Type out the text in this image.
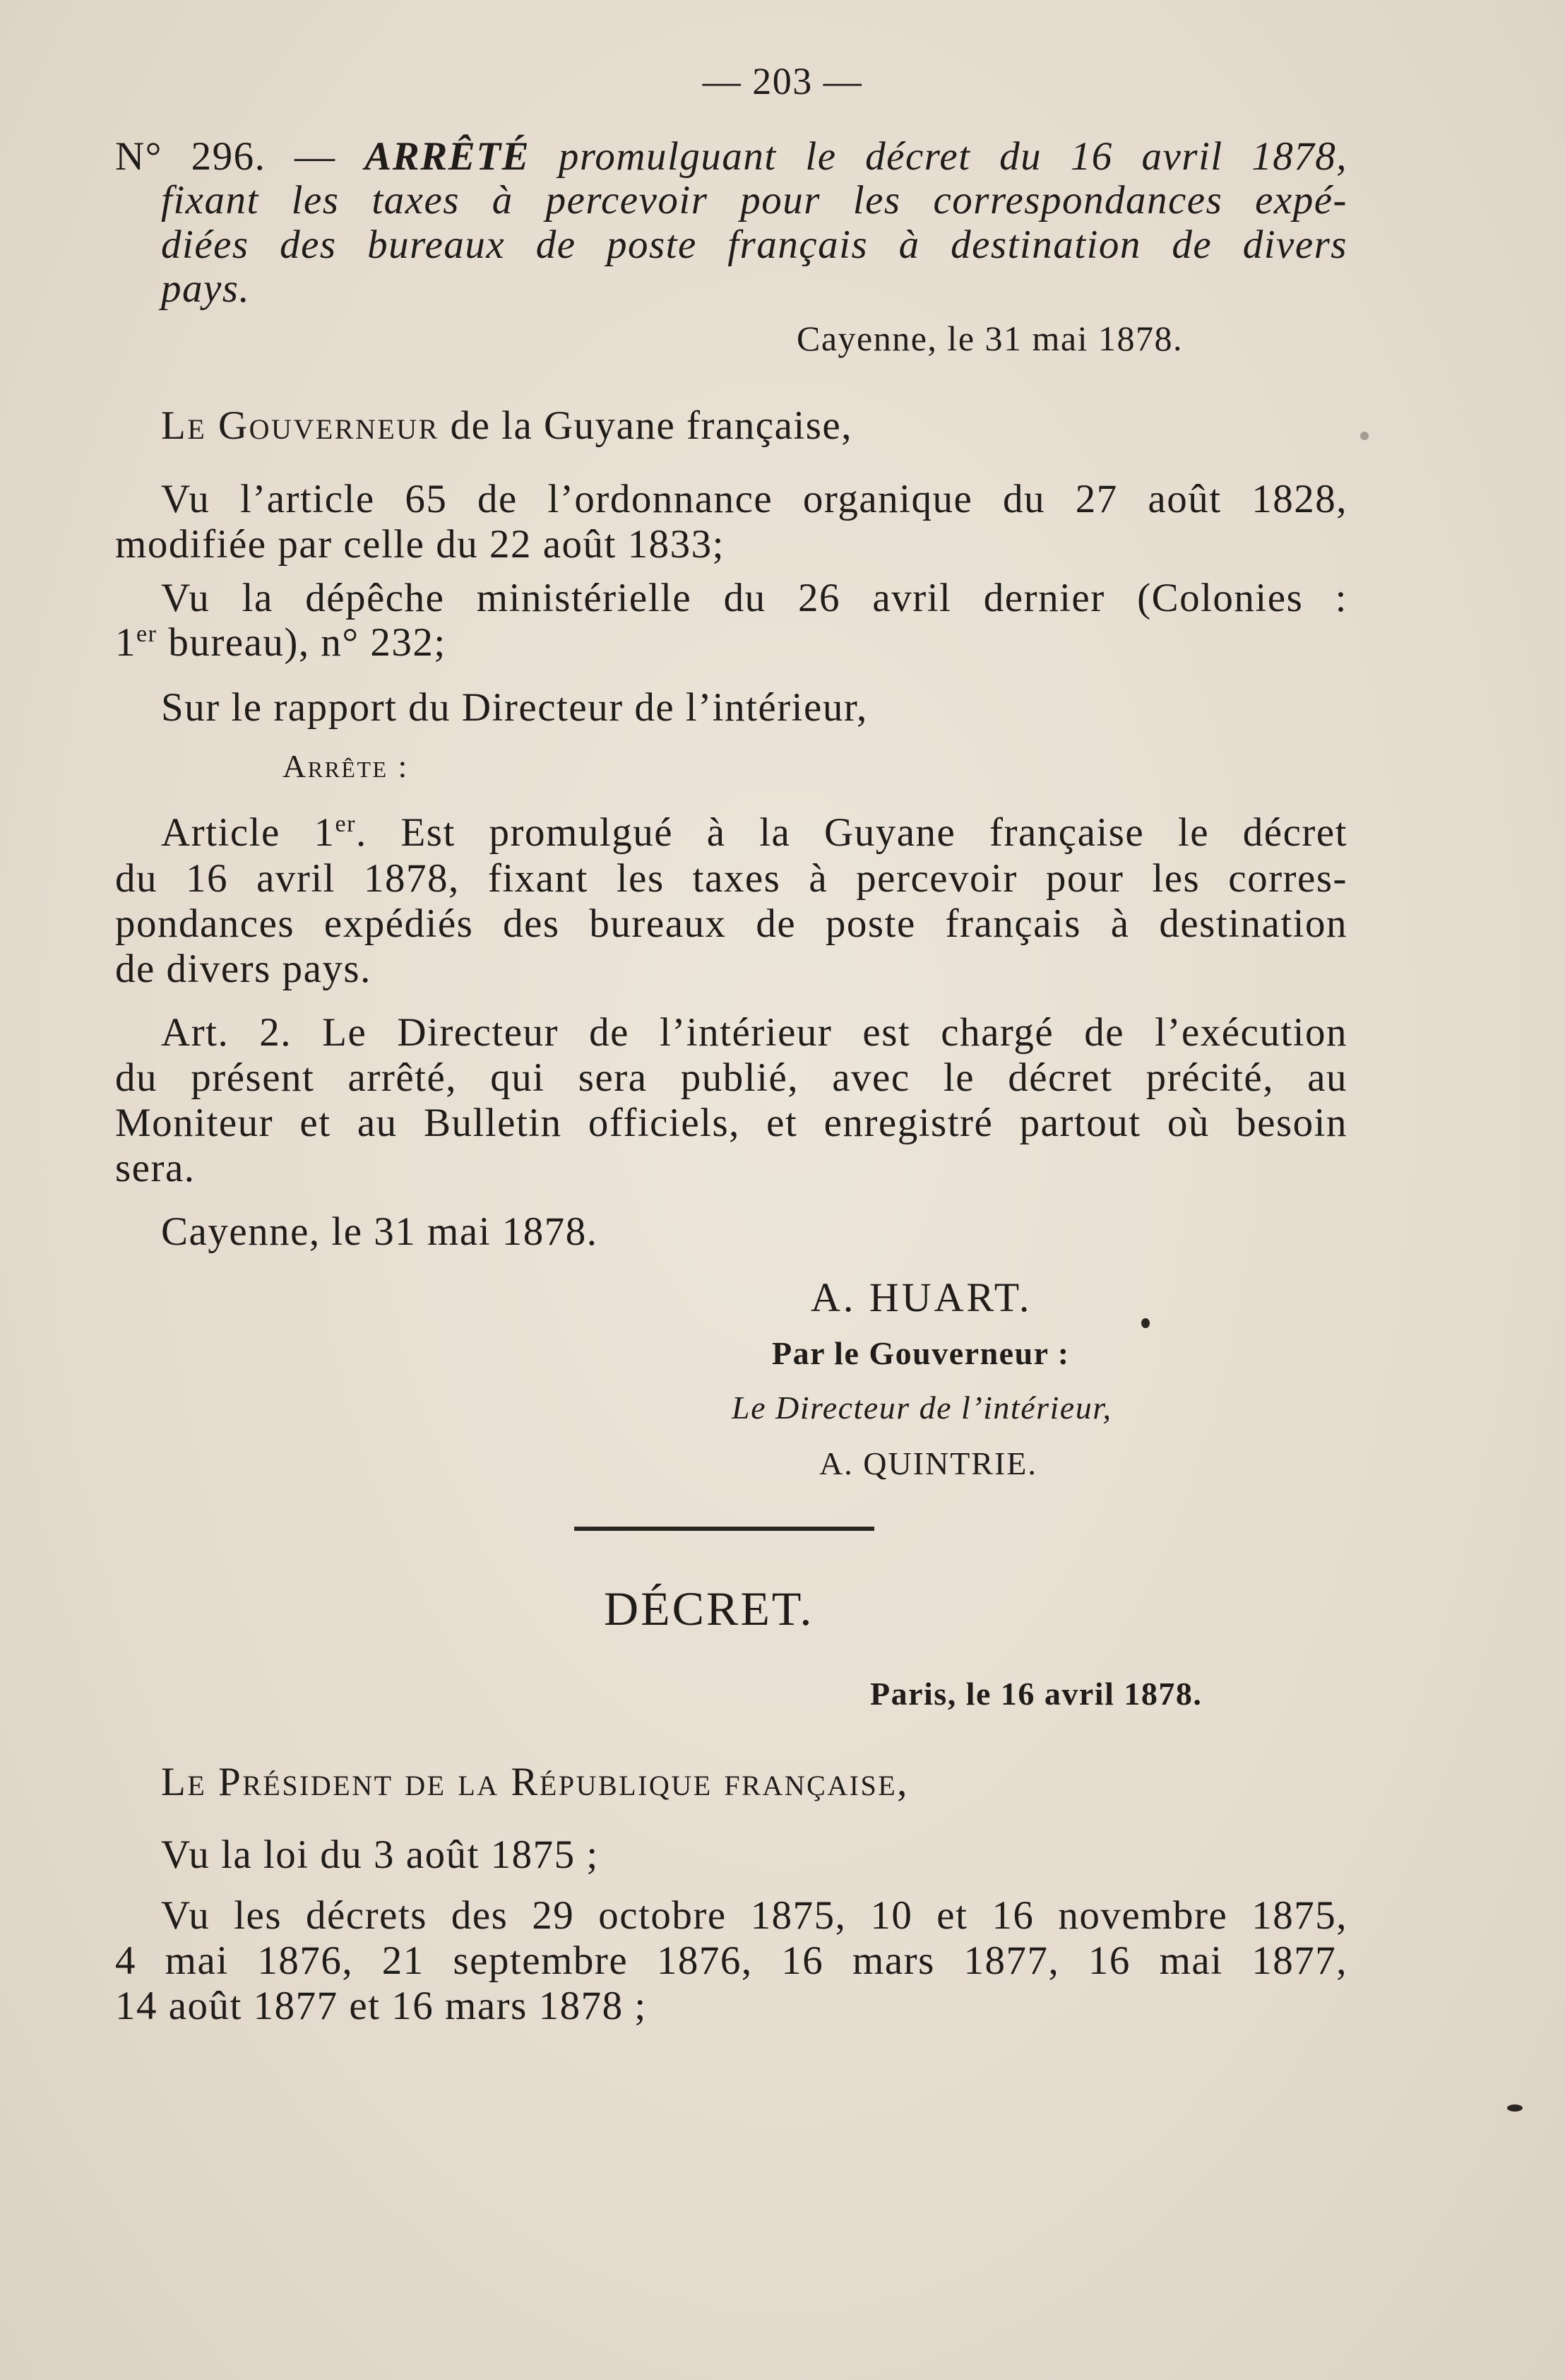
— 203 —
N° 296. — ARRÊTÉ promulguant le décret du 16 avril 1878,
fixant les taxes à percevoir pour les correspondances expé-
diées des bureaux de poste français à destination de divers
pays.
Cayenne, le 31 mai 1878.
Le Gouverneur de la Guyane française,
Vu l’article 65 de l’ordonnance organique du 27 août 1828,
modifiée par celle du 22 août 1833;
Vu la dépêche ministérielle du 26 avril dernier (Colonies :
1er bureau), n° 232;
Sur le rapport du Directeur de l’intérieur,
Arrête :
Article 1er. Est promulgué à la Guyane française le décret
du 16 avril 1878, fixant les taxes à percevoir pour les corres-
pondances expédiés des bureaux de poste français à destination
de divers pays.
Art. 2. Le Directeur de l’intérieur est chargé de l’exécution
du présent arrêté, qui sera publié, avec le décret précité, au
Moniteur et au Bulletin officiels, et enregistré partout où besoin
sera.
Cayenne, le 31 mai 1878.
A. HUART.
Par le Gouverneur :
Le Directeur de l’intérieur,
A. QUINTRIE.
DÉCRET.
Paris, le 16 avril 1878.
Le Président de la République française,
Vu la loi du 3 août 1875 ;
Vu les décrets des 29 octobre 1875, 10 et 16 novembre 1875,
4 mai 1876, 21 septembre 1876, 16 mars 1877, 16 mai 1877,
14 août 1877 et 16 mars 1878 ;
